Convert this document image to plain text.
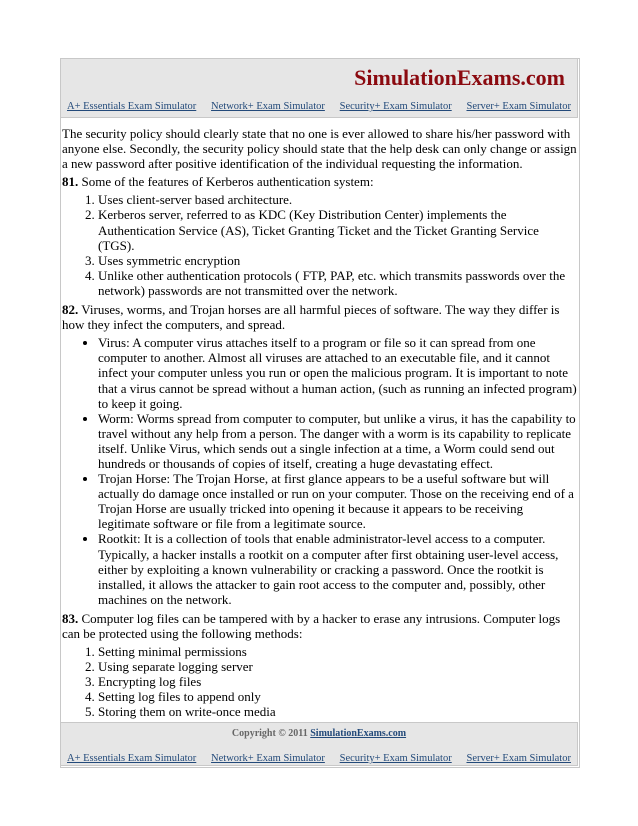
SimulationExams.com
A+ Essentials Exam Simulator Network+ Exam Simulator Security+ Exam Simulator Server+ Exam Simulator

The security policy should clearly state that no one is ever allowed to share his/her password with anyone else. Secondly, the security policy should state that the help desk can only change or assign a new password after positive identification of the individual requesting the information.

81. Some of the features of Kerberos authentication system:

1. Uses client-server based architecture.
2. Kerberos server, referred to as KDC (Key Distribution Center) implements the Authentication Service (AS), Ticket Granting Ticket and the Ticket Granting Service (TGS).
3. Uses symmetric encryption
4. Unlike other authentication protocols ( FTP, PAP, etc. which transmits passwords over the network) passwords are not transmitted over the network.

82. Viruses, worms, and Trojan horses are all harmful pieces of software. The way they differ is how they infect the computers, and spread.

• Virus: A computer virus attaches itself to a program or file so it can spread from one computer to another. Almost all viruses are attached to an executable file, and it cannot infect your computer unless you run or open the malicious program. It is important to note that a virus cannot be spread without a human action, (such as running an infected program) to keep it going.
• Worm: Worms spread from computer to computer, but unlike a virus, it has the capability to travel without any help from a person. The danger with a worm is its capability to replicate itself. Unlike Virus, which sends out a single infection at a time, a Worm could send out hundreds or thousands of copies of itself, creating a huge devastating effect.
• Trojan Horse: The Trojan Horse, at first glance appears to be a useful software but will actually do damage once installed or run on your computer. Those on the receiving end of a Trojan Horse are usually tricked into opening it because it appears to be receiving legitimate software or file from a legitimate source.
• Rootkit: It is a collection of tools that enable administrator-level access to a computer. Typically, a hacker installs a rootkit on a computer after first obtaining user-level access, either by exploiting a known vulnerability or cracking a password. Once the rootkit is installed, it allows the attacker to gain root access to the computer and, possibly, other machines on the network.

83. Computer log files can be tampered with by a hacker to erase any intrusions. Computer logs can be protected using the following methods:

1. Setting minimal permissions
2. Using separate logging server
3. Encrypting log files
4. Setting log files to append only
5. Storing them on write-once media
Copyright © 2011 SimulationExams.com
A+ Essentials Exam Simulator Network+ Exam Simulator Security+ Exam Simulator Server+ Exam Simulator
